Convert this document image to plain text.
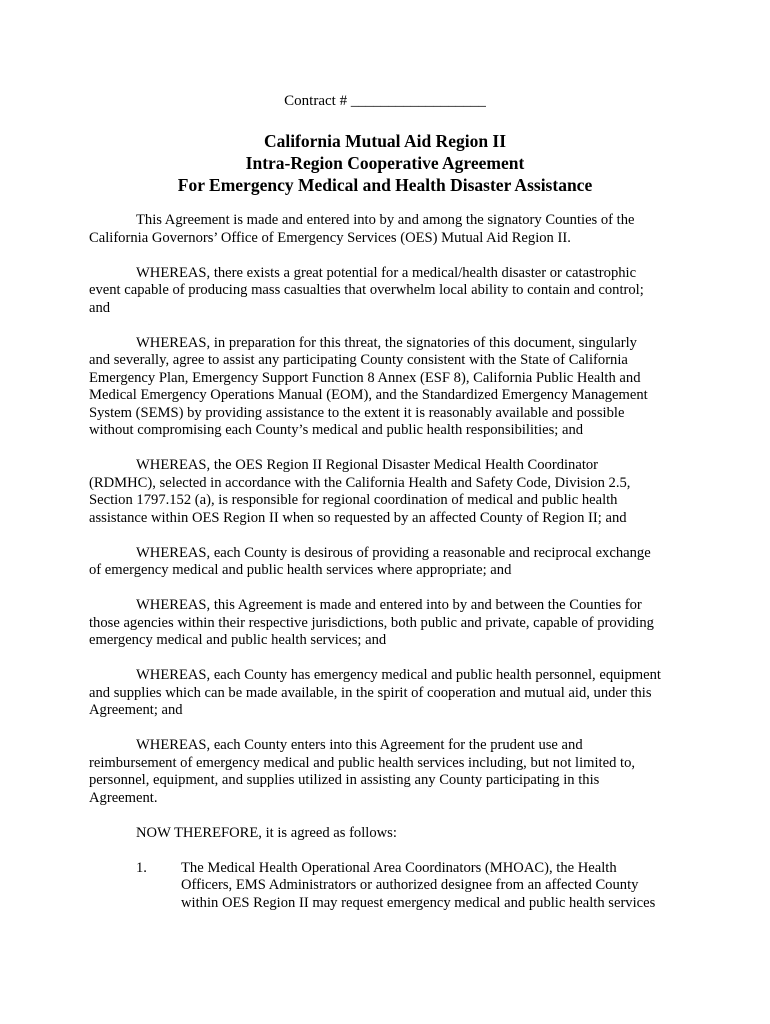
Contract # __________________
California Mutual Aid Region II
Intra-Region Cooperative Agreement
For Emergency Medical and Health Disaster Assistance

This Agreement is made and entered into by and among the signatory Counties of the
California Governors’ Office of Emergency Services (OES) Mutual Aid Region II.

WHEREAS, there exists a great potential for a medical/health disaster or catastrophic
event capable of producing mass casualties that overwhelm local ability to contain and control;
and

WHEREAS, in preparation for this threat, the signatories of this document, singularly
and severally, agree to assist any participating County consistent with the State of California
Emergency Plan, Emergency Support Function 8 Annex (ESF 8), California Public Health and
Medical Emergency Operations Manual (EOM), and the Standardized Emergency Management
System (SEMS) by providing assistance to the extent it is reasonably available and possible
without compromising each County’s medical and public health responsibilities; and

WHEREAS, the OES Region II Regional Disaster Medical Health Coordinator
(RDMHC), selected in accordance with the California Health and Safety Code, Division 2.5,
Section 1797.152 (a), is responsible for regional coordination of medical and public health
assistance within OES Region II when so requested by an affected County of Region II; and

WHEREAS, each County is desirous of providing a reasonable and reciprocal exchange
of emergency medical and public health services where appropriate; and

WHEREAS, this Agreement is made and entered into by and between the Counties for
those agencies within their respective jurisdictions, both public and private, capable of providing
emergency medical and public health services; and

WHEREAS, each County has emergency medical and public health personnel, equipment
and supplies which can be made available, in the spirit of cooperation and mutual aid, under this
Agreement; and

WHEREAS, each County enters into this Agreement for the prudent use and
reimbursement of emergency medical and public health services including, but not limited to,
personnel, equipment, and supplies utilized in assisting any County participating in this
Agreement.

NOW THEREFORE, it is agreed as follows:

1. The Medical Health Operational Area Coordinators (MHOAC), the Health
Officers, EMS Administrators or authorized designee from an affected County
within OES Region II may request emergency medical and public health services
